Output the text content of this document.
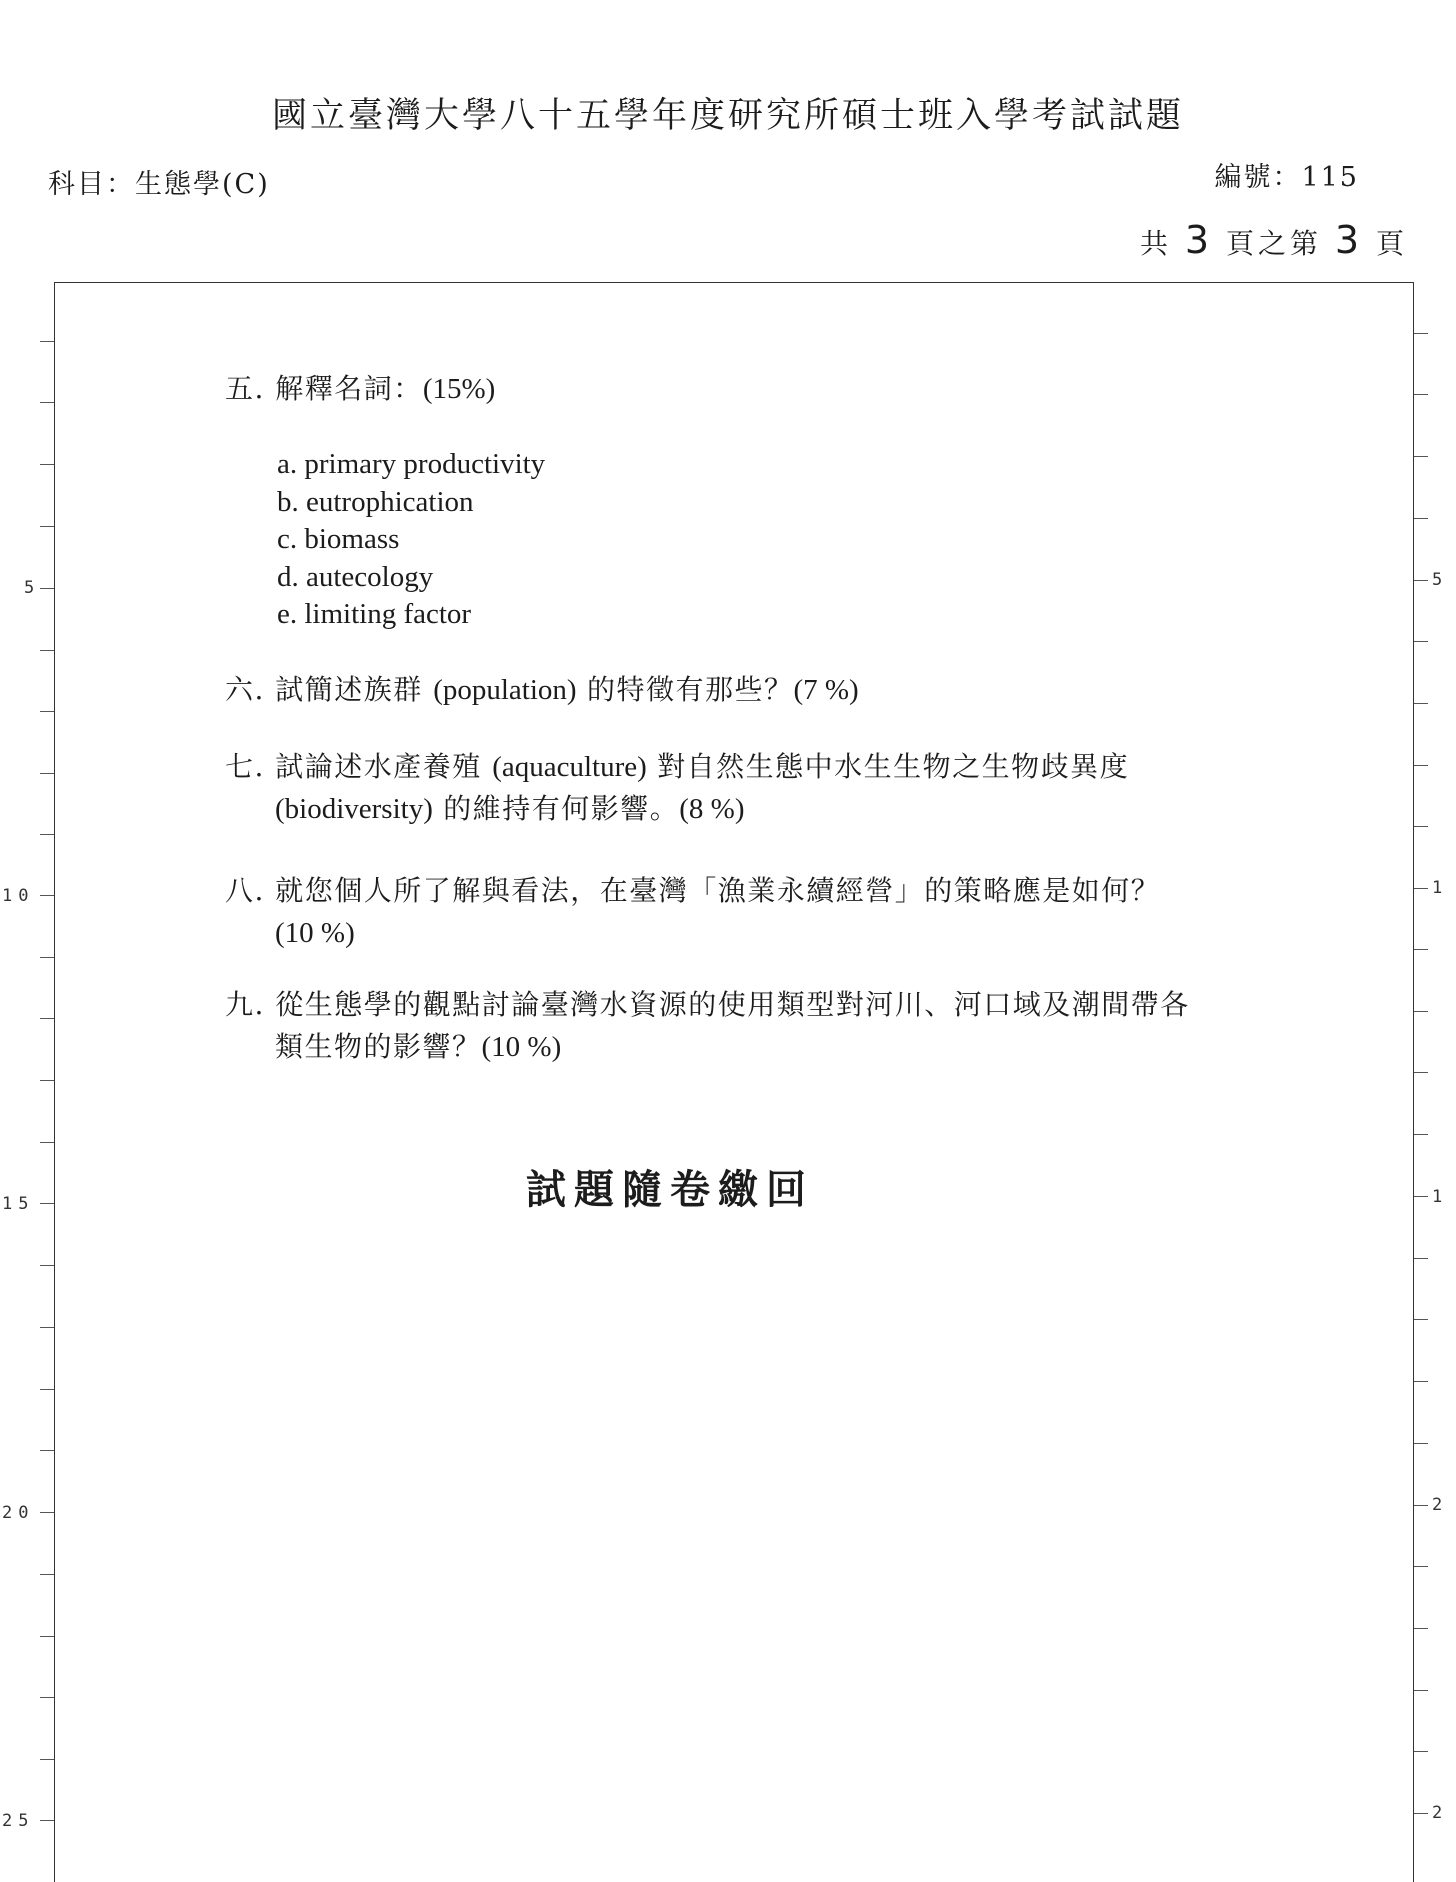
國立臺灣大學八十五學年度研究所碩士班入學考試試題
科目：生態學(C)	編號：115
共 3 頁之第 3 頁
5
10
15
20
25
5
1
1
2
2
五. 解釋名詞：(15%)
a. primary productivity
b. eutrophication
c. biomass
d. autecology
e. limiting factor
六. 試簡述族群 (population) 的特徵有那些？(7 %)
七. 試論述水產養殖 (aquaculture) 對自然生態中水生生物之生物歧異度
(biodiversity) 的維持有何影響。(8 %)
八. 就您個人所了解與看法，在臺灣「漁業永續經營」的策略應是如何？
(10 %)
九. 從生態學的觀點討論臺灣水資源的使用類型對河川、河口域及潮間帶各
類生物的影響？(10 %)
試題隨卷繳回
